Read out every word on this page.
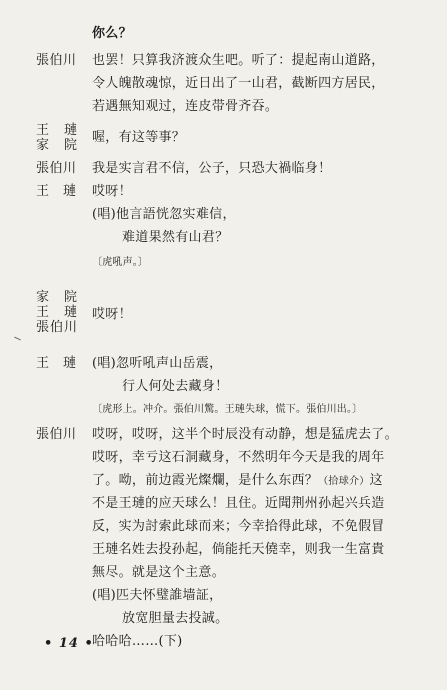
你么？
張伯川 也罢！只算我济渡众生吧。听了：提起南山道路，
令人魄散魂惊，近日出了一山君，截断四方居民，
若遇無知观过，连皮带骨齐吞。
王　璉
家　院
喔，有这等事？
張伯川 我是实言君不信，公子，只恐大禍临身！
王　璉 哎呀！
(唱)他言語恍忽实难信，
难道果然有山君？
〔虎吼声。〕
家　院
王　璉
張伯川
哎呀！
王　璉 (唱)忽听吼声山岳震，
行人何处去藏身！
〔虎形上。冲介。張伯川驚。王璉失球，慌下。張伯川出。〕
張伯川 哎呀，哎呀，这半个时辰没有动静，想是猛虎去了。
哎呀，幸亏这石洞藏身，不然明年今天是我的周年
了。呦，前边霞光燦爛，是什么东西？（拾球介）这
不是王璉的应天球么！且住。近聞荆州孙起兴兵造
反，实为討索此球而来；今幸拾得此球，不免假冒
王璉名姓去投孙起，倘能托天僥幸，则我一生富貴
無尽。就是这个主意。
(唱)匹夫怀璧誰墙証，
放宽胆量去投誠。
哈哈哈……(下)
• 14 •
